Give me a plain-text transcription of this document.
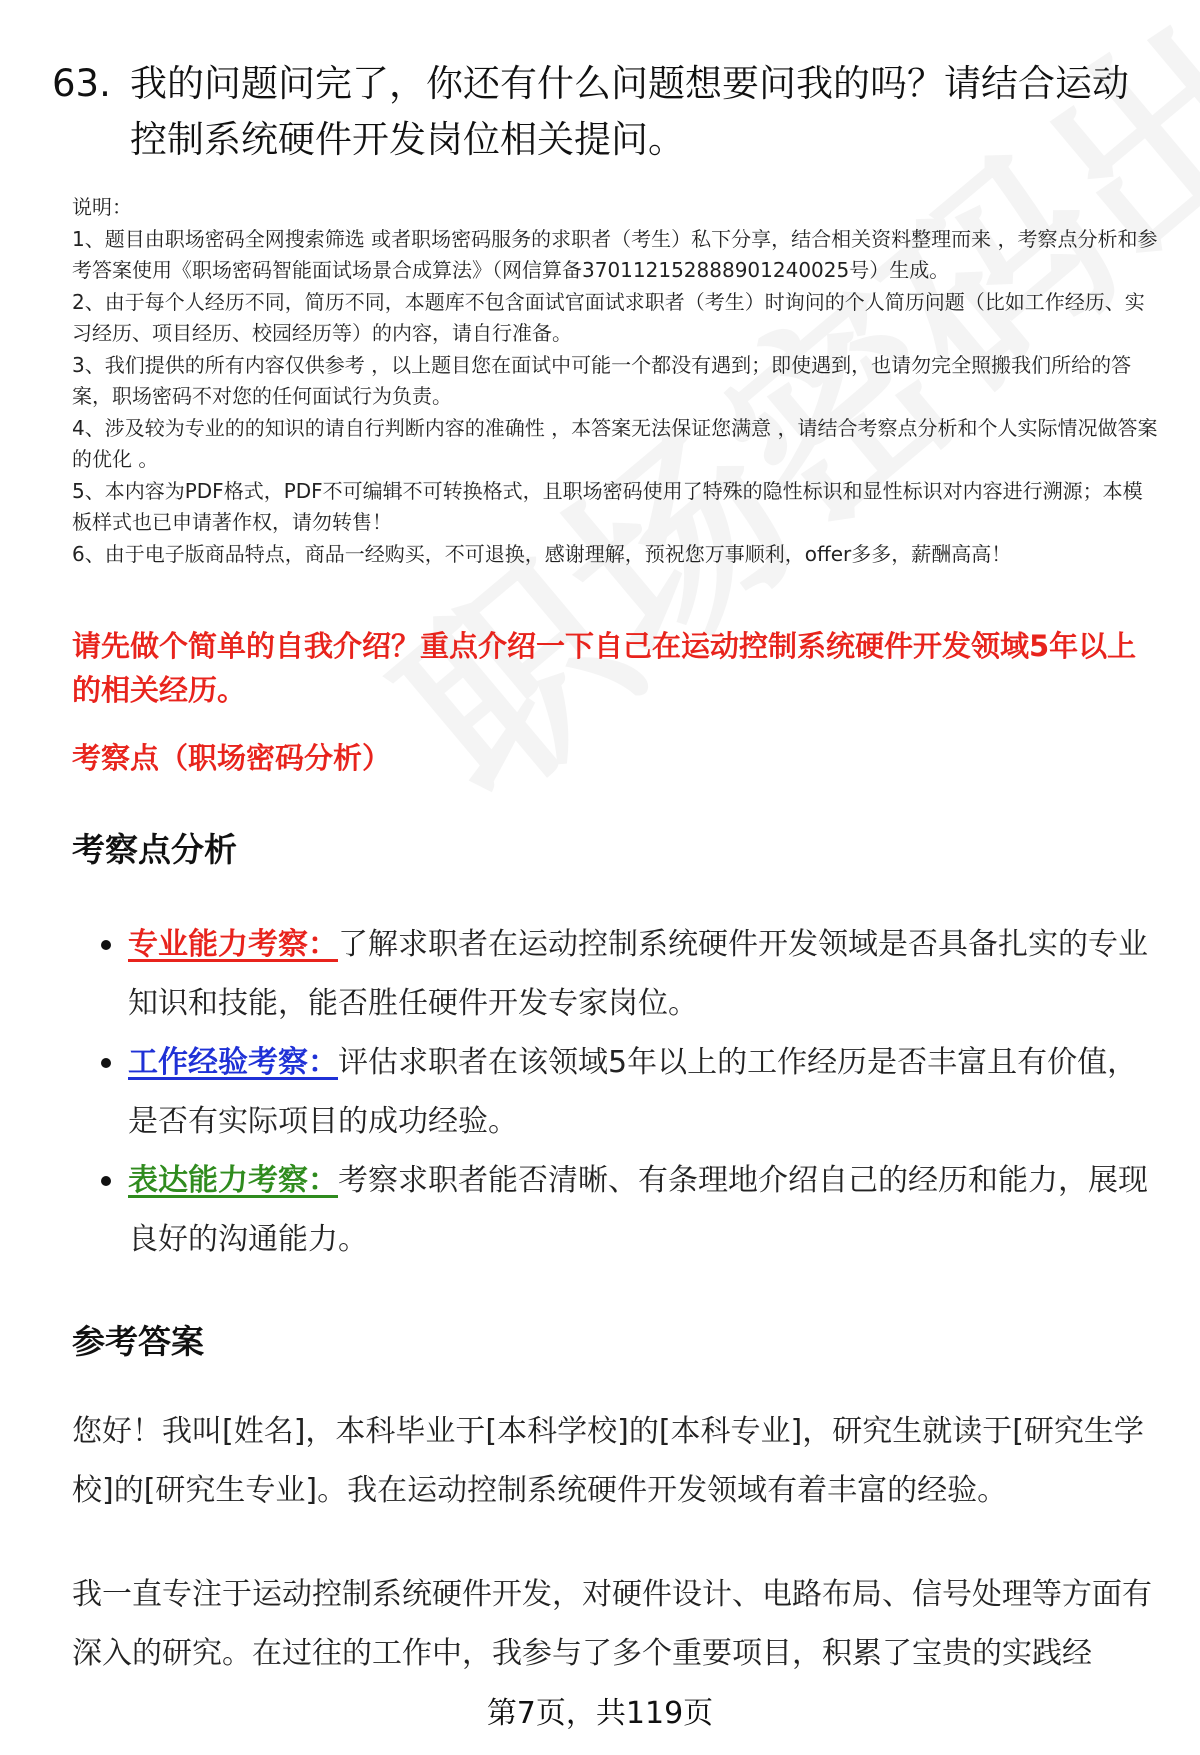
63. 我的问题问完了，你还有什么问题想要问我的吗？请结合运动控制系统硬件开发岗位相关提问。

说明：

1、题目由职场密码全网搜索筛选 或者职场密码服务的求职者（考生）私下分享，结合相关资料整理而来 ，考察点分析和参考答案使用《职场密码智能面试场景合成算法》（网信算备370112152888901240025号）生成。

2、由于每个人经历不同，简历不同，本题库不包含面试官面试求职者（考生）时询问的个人简历问题（比如工作经历、实习经历、项目经历、校园经历等）的内容，请自行准备。

3、我们提供的所有内容仅供参考 ，以上题目您在面试中可能一个都没有遇到；即使遇到，也请勿完全照搬我们所给的答案，职场密码不对您的任何面试行为负责。

4、涉及较为专业的的知识的请自行判断内容的准确性 ，本答案无法保证您满意 ，请结合考察点分析和个人实际情况做答案的优化 。

5、本内容为PDF格式，PDF不可编辑不可转换格式，且职场密码使用了特殊的隐性标识和显性标识对内容进行溯源；本模板样式也已申请著作权，请勿转售！

6、由于电子版商品特点，商品一经购买，不可退换，感谢理解，预祝您万事顺利，offer多多，薪酬高高！

请先做个简单的自我介绍？重点介绍一下自己在运动控制系统硬件开发领域5年以上的相关经历。
考察点（职场密码分析）
考察点分析
专业能力考察：了解求职者在运动控制系统硬件开发领域是否具备扎实的专业知识和技能，能否胜任硬件开发专家岗位。
工作经验考察：评估求职者在该领域5年以上的工作经历是否丰富且有价值，是否有实际项目的成功经验。
表达能力考察：考察求职者能否清晰、有条理地介绍自己的经历和能力，展现良好的沟通能力。
参考答案

您好！我叫[姓名]，本科毕业于[本科学校]的[本科专业]，研究生就读于[研究生学校]的[研究生专业]。我在运动控制系统硬件开发领域有着丰富的经验。

我一直专注于运动控制系统硬件开发，对硬件设计、电路布局、信号处理等方面有深入的研究。在过往的工作中，我参与了多个重要项目，积累了宝贵的实践经

第7页，共119页
